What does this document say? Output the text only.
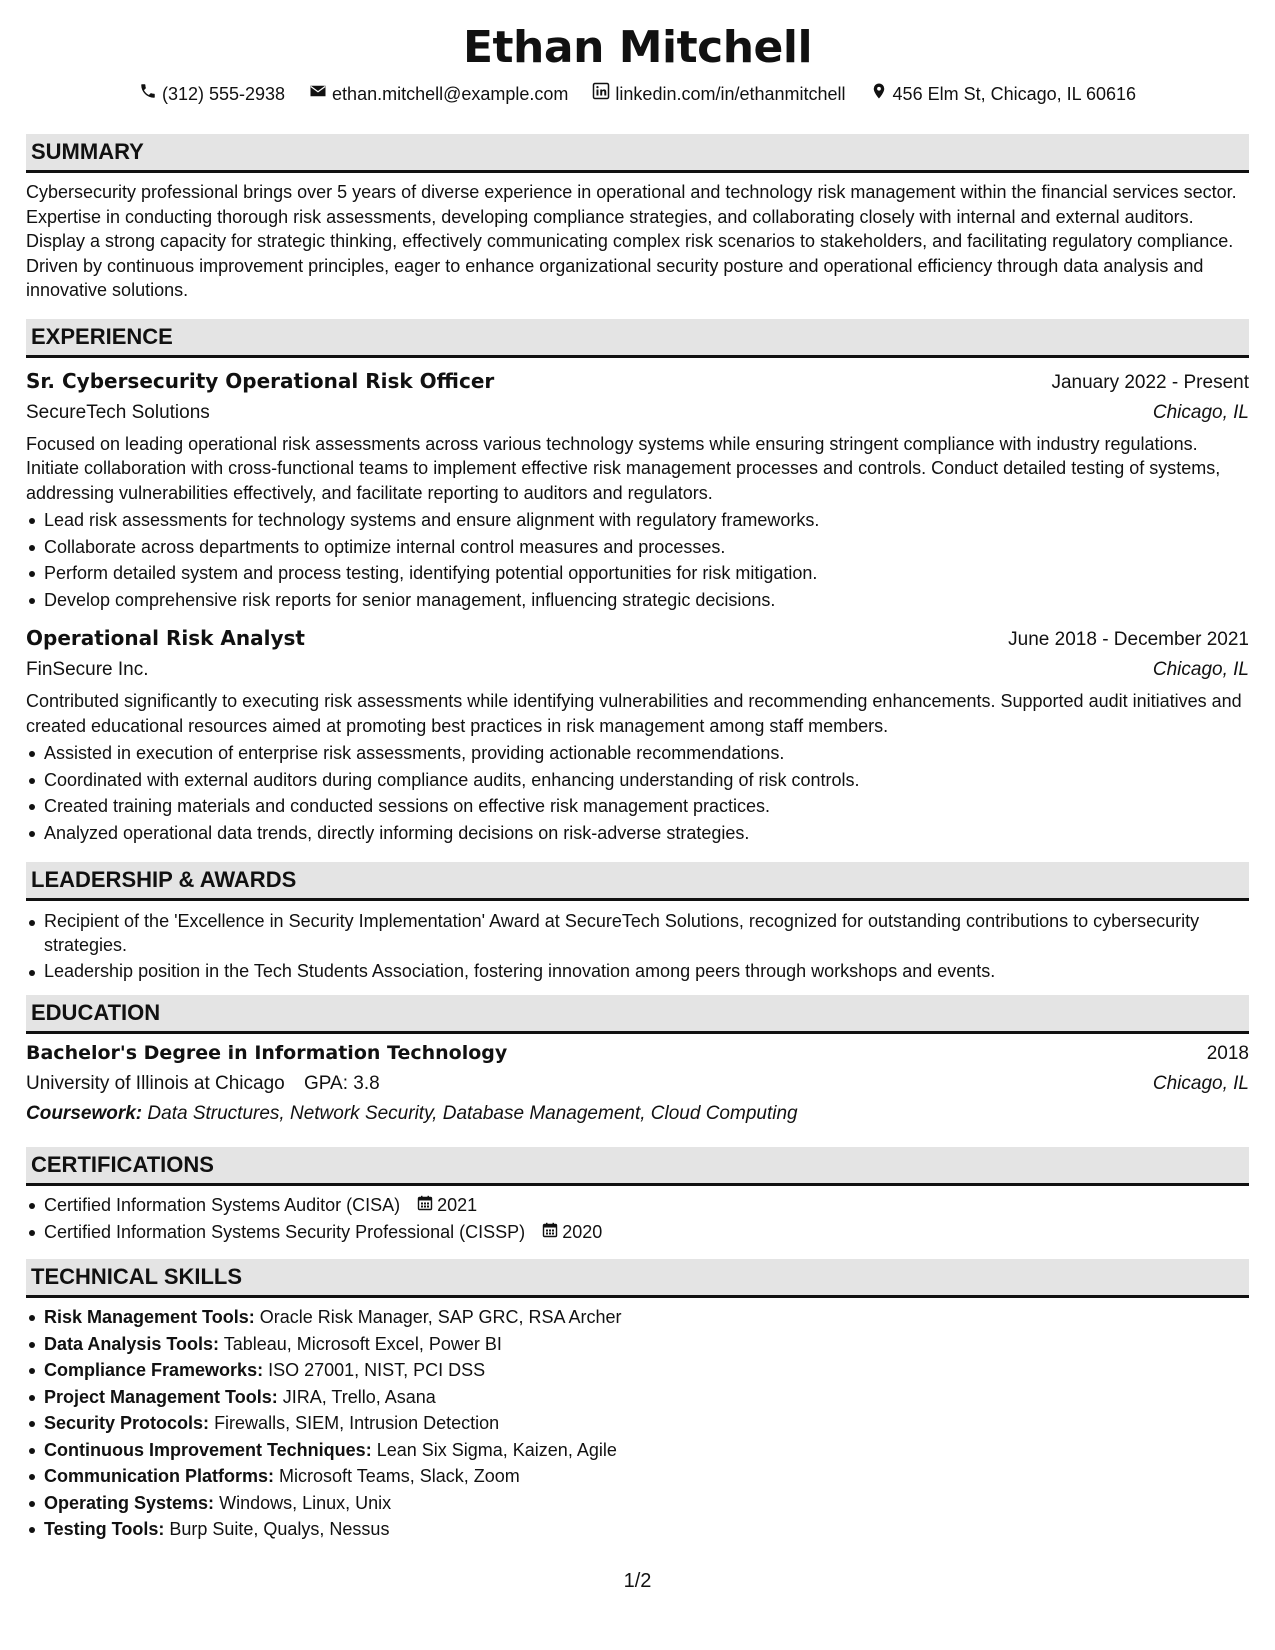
Ethan Mitchell
(312) 555-2938	ethan.mitchell@example.com	linkedin.com/in/ethanmitchell	456 Elm St, Chicago, IL 60616
SUMMARY
Cybersecurity professional brings over 5 years of diverse experience in operational and technology risk management within the financial services sector. Expertise in conducting thorough risk assessments, developing compliance strategies, and collaborating closely with internal and external auditors. Display a strong capacity for strategic thinking, effectively communicating complex risk scenarios to stakeholders, and facilitating regulatory compliance. Driven by continuous improvement principles, eager to enhance organizational security posture and operational efficiency through data analysis and innovative solutions.
EXPERIENCE
Sr. Cybersecurity Operational Risk Officer	January 2022 - Present
SecureTech Solutions	Chicago, IL
Focused on leading operational risk assessments across various technology systems while ensuring stringent compliance with industry regulations. Initiate collaboration with cross-functional teams to implement effective risk management processes and controls. Conduct detailed testing of systems, addressing vulnerabilities effectively, and facilitate reporting to auditors and regulators.
Lead risk assessments for technology systems and ensure alignment with regulatory frameworks.
Collaborate across departments to optimize internal control measures and processes.
Perform detailed system and process testing, identifying potential opportunities for risk mitigation.
Develop comprehensive risk reports for senior management, influencing strategic decisions.
Operational Risk Analyst	June 2018 - December 2021
FinSecure Inc.	Chicago, IL
Contributed significantly to executing risk assessments while identifying vulnerabilities and recommending enhancements. Supported audit initiatives and created educational resources aimed at promoting best practices in risk management among staff members.
Assisted in execution of enterprise risk assessments, providing actionable recommendations.
Coordinated with external auditors during compliance audits, enhancing understanding of risk controls.
Created training materials and conducted sessions on effective risk management practices.
Analyzed operational data trends, directly informing decisions on risk-adverse strategies.
LEADERSHIP & AWARDS
Recipient of the 'Excellence in Security Implementation' Award at SecureTech Solutions, recognized for outstanding contributions to cybersecurity strategies.
Leadership position in the Tech Students Association, fostering innovation among peers through workshops and events.
EDUCATION
Bachelor's Degree in Information Technology	2018
University of Illinois at Chicago GPA: 3.8	Chicago, IL
Coursework: Data Structures, Network Security, Database Management, Cloud Computing
CERTIFICATIONS
Certified Information Systems Auditor (CISA) 2021
Certified Information Systems Security Professional (CISSP) 2020
TECHNICAL SKILLS
Risk Management Tools: Oracle Risk Manager, SAP GRC, RSA Archer
Data Analysis Tools: Tableau, Microsoft Excel, Power BI
Compliance Frameworks: ISO 27001, NIST, PCI DSS
Project Management Tools: JIRA, Trello, Asana
Security Protocols: Firewalls, SIEM, Intrusion Detection
Continuous Improvement Techniques: Lean Six Sigma, Kaizen, Agile
Communication Platforms: Microsoft Teams, Slack, Zoom
Operating Systems: Windows, Linux, Unix
Testing Tools: Burp Suite, Qualys, Nessus
1/2
